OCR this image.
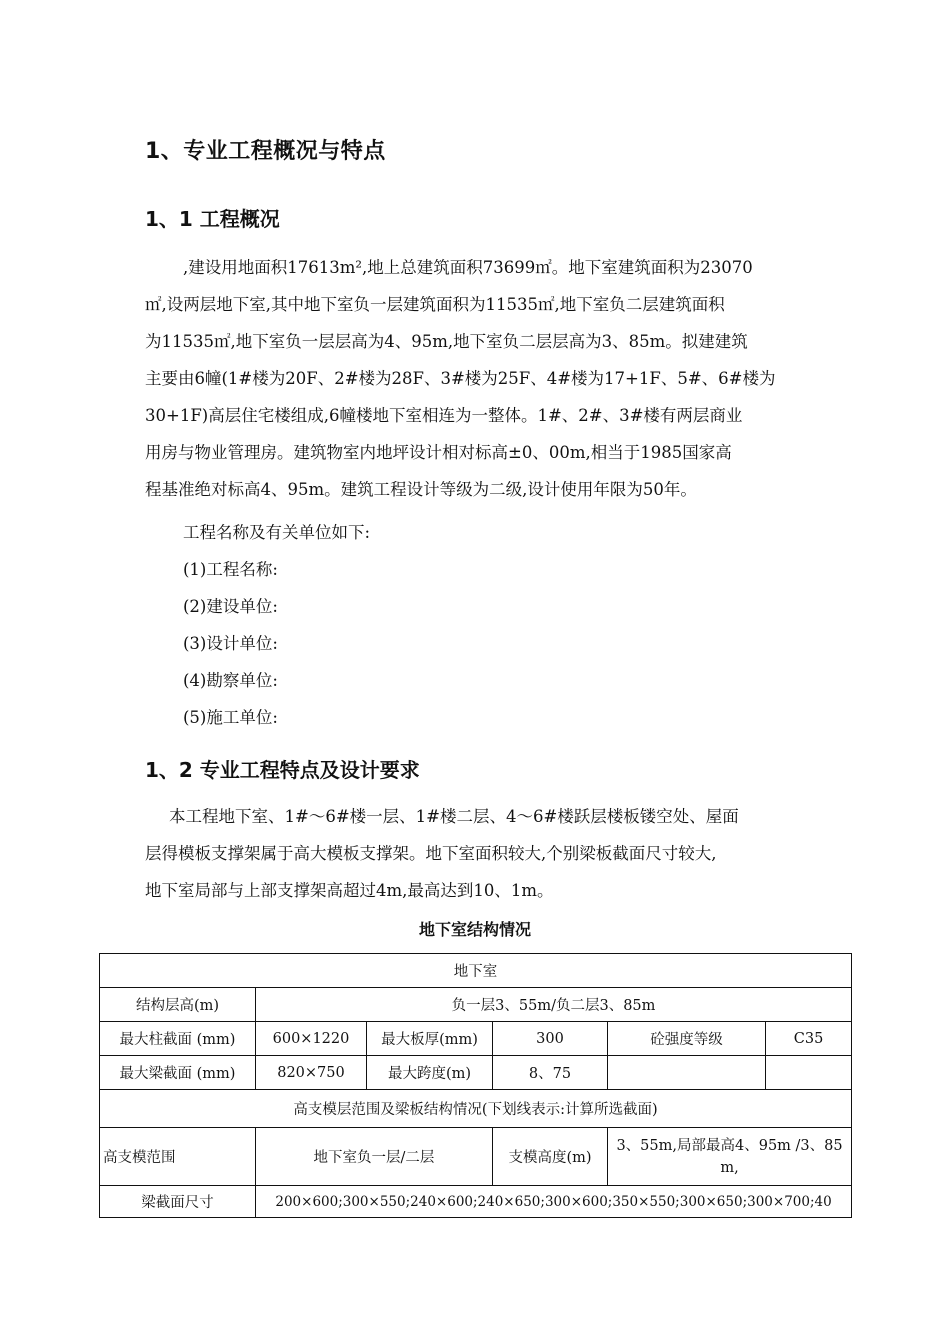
1、专业工程概况与特点
1、1 工程概况
,建设用地面积17613m²,地上总建筑面积73699㎡。地下室建筑面积为23070
㎡,设两层地下室,其中地下室负一层建筑面积为11535㎡,地下室负二层建筑面积
为11535㎡,地下室负一层层高为4、95m,地下室负二层层高为3、85m。拟建建筑
主要由6幢(1#楼为20F、2#楼为28F、3#楼为25F、4#楼为17+1F、5#、6#楼为
30+1F)高层住宅楼组成,6幢楼地下室相连为一整体。1#、2#、3#楼有两层商业
用房与物业管理房。建筑物室内地坪设计相对标高±0、00m,相当于1985国家高
程基准绝对标高4、95m。建筑工程设计等级为二级,设计使用年限为50年。
工程名称及有关单位如下:
(1)工程名称:
(2)建设单位:
(3)设计单位:
(4)勘察单位:
(5)施工单位:
1、2 专业工程特点及设计要求
本工程地下室、1#～6#楼一层、1#楼二层、4～6#楼跃层楼板镂空处、屋面
层得模板支撑架属于高大模板支撑架。地下室面积较大,个别梁板截面尺寸较大,
地下室局部与上部支撑架高超过4m,最高达到10、1m。
地下室结构情况
地下室					
结构层高(m)	负一层3、55m/负二层3、85m				
最大柱截面 (mm)	600×1220	最大板厚(mm)	300	砼强度等级	C35
最大梁截面 (mm)	820×750	最大跨度(m)	8、75		
高支模层范围及梁板结构情况(下划线表示:计算所选截面)					
高支模范围	地下室负一层/二层		支模高度(m)	3、55m,局部最高4、95m /3、85m,	
梁截面尺寸	200×600;300×550;240×600;240×650;300×600;350×550;300×650;300×700;40				
